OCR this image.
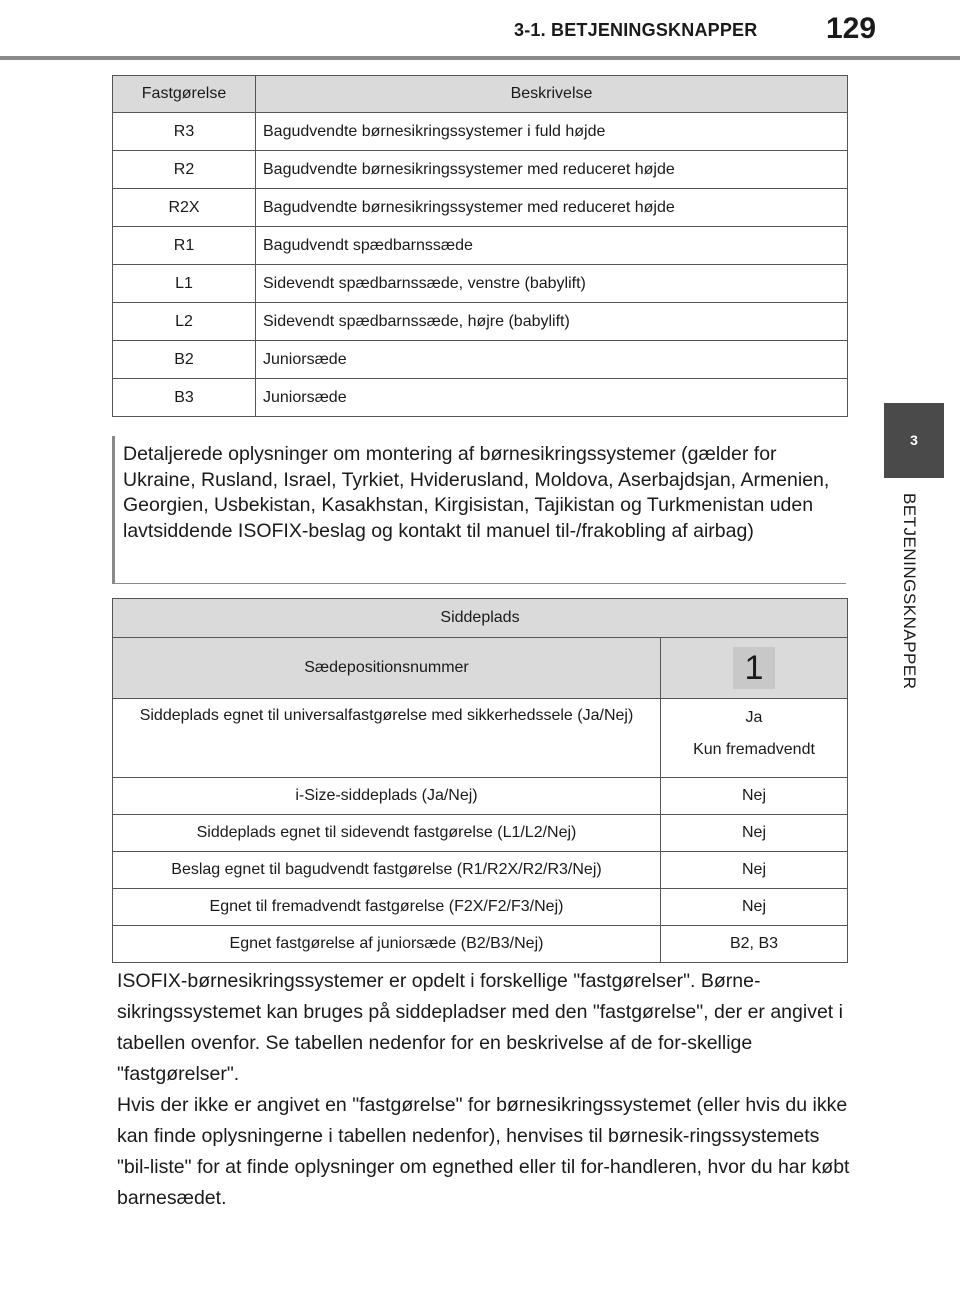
3-1. BETJENINGSKNAPPER 129
3
BETJENINGSKNAPPER
Fastgørelse	Beskrivelse
R3	Bagudvendte børnesikringssystemer i fuld højde
R2	Bagudvendte børnesikringssystemer med reduceret højde
R2X	Bagudvendte børnesikringssystemer med reduceret højde
R1	Bagudvendt spædbarnssæde
L1	Sidevendt spædbarnssæde, venstre (babylift)
L2	Sidevendt spædbarnssæde, højre (babylift)
B2	Juniorsæde
B3	Juniorsæde
Detaljerede oplysninger om montering af børnesikringssystemer (gælder for Ukraine, Rusland, Israel, Tyrkiet, Hviderusland, Moldova, Aserbajdsjan, Armenien, Georgien, Usbekistan, Kasakhstan, Kirgisistan, Tajikistan og Turkmenistan uden lavtsiddende ISOFIX-beslag og kontakt til manuel til-/frakobling af airbag)
Siddeplads	
Sædepositionsnummer	1
Siddeplads egnet til universalfastgørelse med sikkerhedssele (Ja/Nej)	Ja
Kun fremadvendt

i-Size-siddeplads (Ja/Nej)	Nej
Siddeplads egnet til sidevendt fastgørelse (L1/L2/Nej)	Nej
Beslag egnet til bagudvendt fastgørelse (R1/R2X/R2/R3/Nej)	Nej
Egnet til fremadvendt fastgørelse (F2X/F2/F3/Nej)	Nej
Egnet fastgørelse af juniorsæde (B2/B3/Nej)	B2, B3

ISOFIX-børnesikringssystemer er opdelt i forskellige "fastgørelser". Børne-sikringssystemet kan bruges på siddepladser med den "fastgørelse", der er angivet i tabellen ovenfor. Se tabellen nedenfor for en beskrivelse af de for-skellige "fastgørelser".

Hvis der ikke er angivet en "fastgørelse" for børnesikringssystemet (eller hvis du ikke kan finde oplysningerne i tabellen nedenfor), henvises til børnesik-ringssystemets "bil-liste" for at finde oplysninger om egnethed eller til for-handleren, hvor du har købt barnesædet.
